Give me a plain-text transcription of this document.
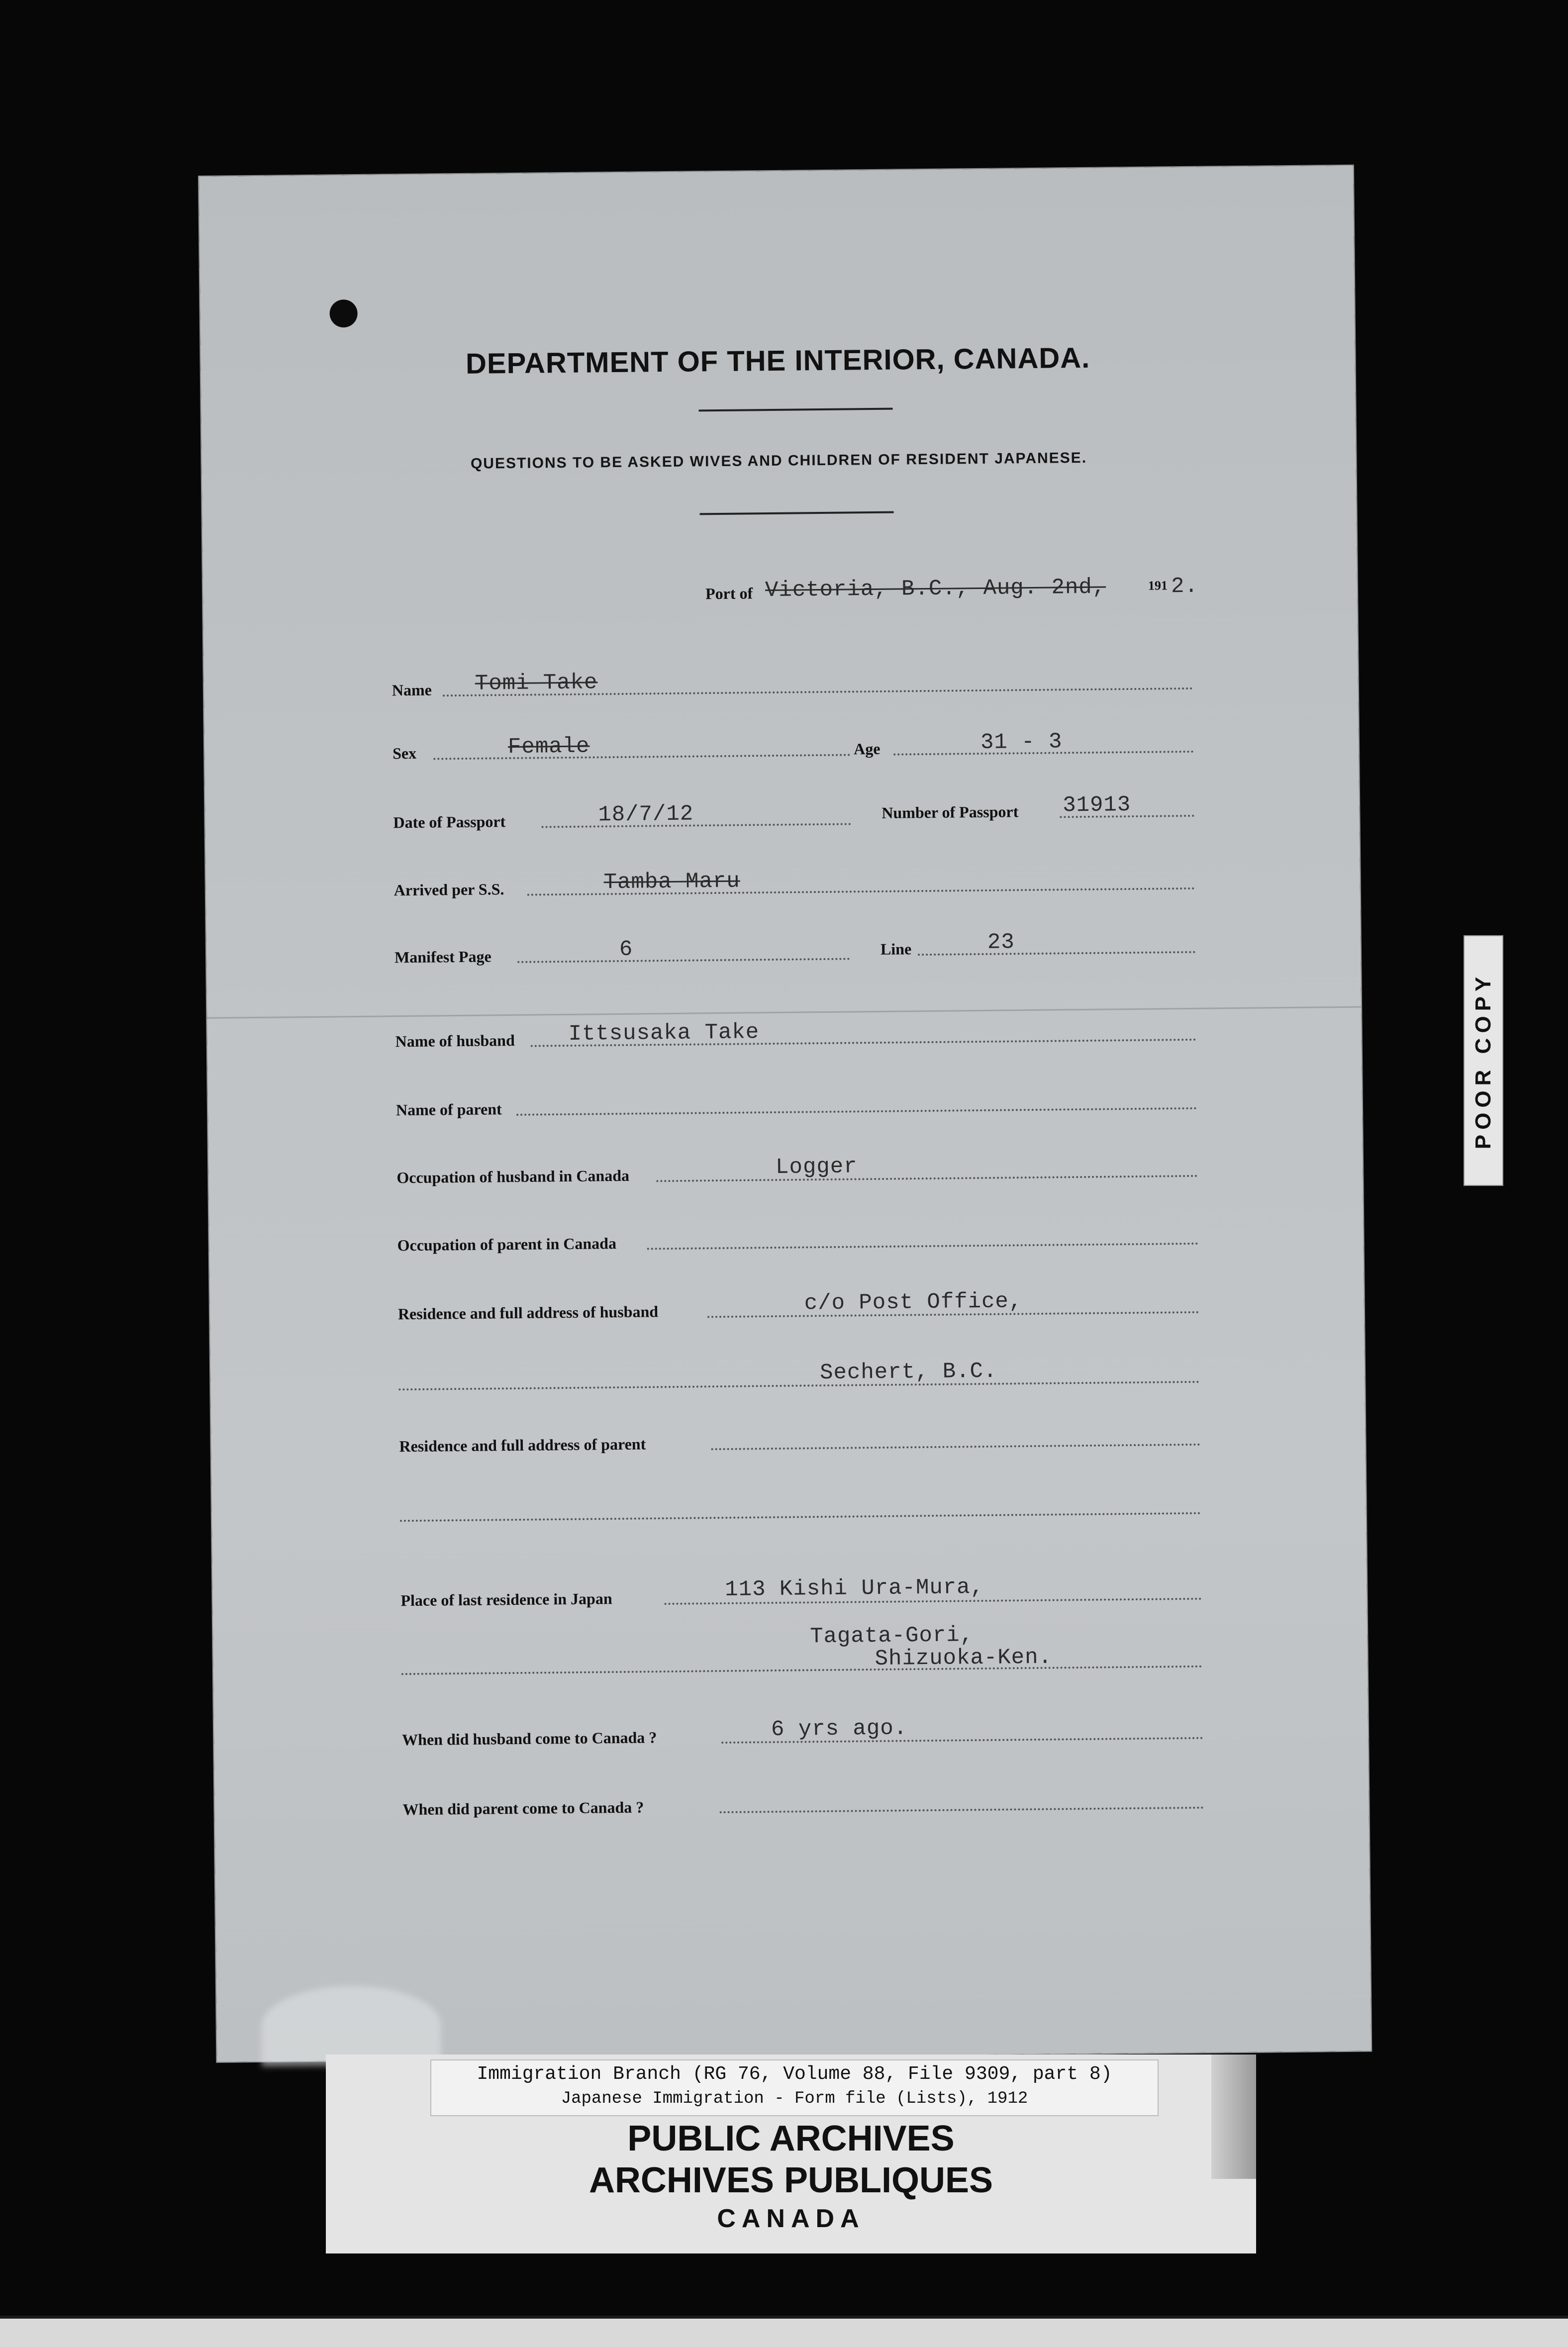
DEPARTMENT OF THE INTERIOR, CANADA.
QUESTIONS TO BE ASKED WIVES AND CHILDREN OF RESIDENT JAPANESE.
Port of Victoria, B.C., Aug. 2nd,	191 2.
Name Tomi Take
Sex	Female	Age	31 - 3
Date of Passport	18/7/12	Number of Passport 31913
Arrived per S.S.	Tamba Maru
Manifest Page	6	Line	23
Name of husband Ittsusaka Take
Name of parent
Occupation of husband in Canada	Logger
Occupation of parent in Canada
Residence and full address of husband	c/o Post Office,
Sechert, B.C.
Residence and full address of parent
Place of last residence in Japan	113 Kishi Ura-Mura,
Tagata-Gori,
Shizuoka-Ken.
When did husband come to Canada ?	6 yrs ago.
When did parent come to Canada ?
POOR COPY
Immigration Branch (RG 76, Volume 88, File 9309, part 8)
Japanese Immigration - Form file (Lists), 1912
PUBLIC ARCHIVES
ARCHIVES PUBLIQUES
CANADA
